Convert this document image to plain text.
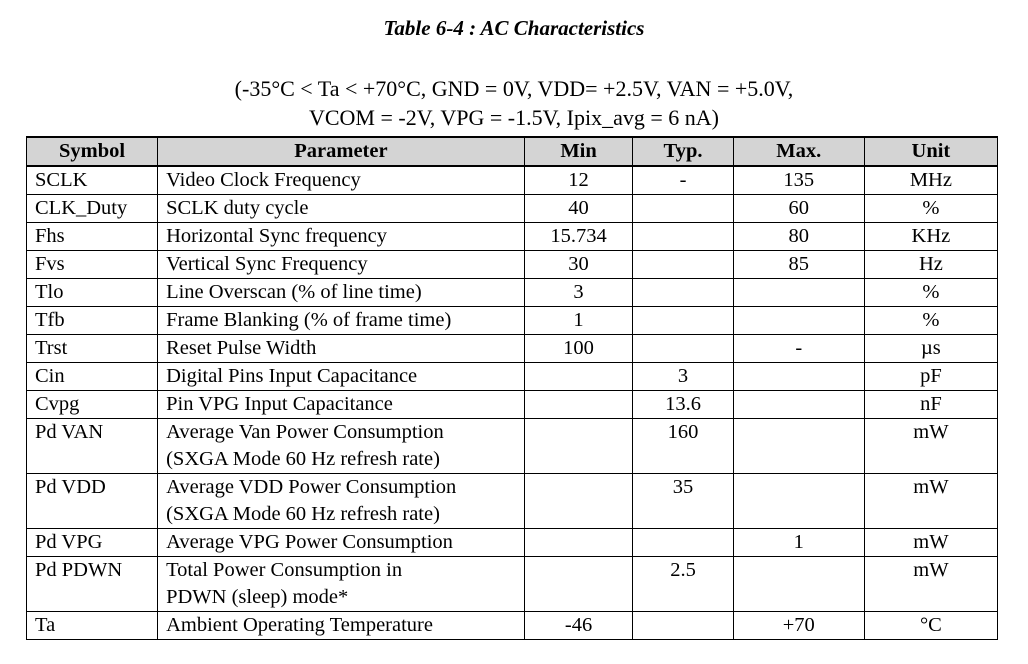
Table 6-4 : AC Characteristics
(-35°C < Ta < +70°C, GND = 0V, VDD= +2.5V, VAN = +5.0V,
VCOM = -2V, VPG = -1.5V, Ipix_avg = 6 nA)
Symbol	Parameter	Min	Typ.	Max.	Unit
SCLK	Video Clock Frequency	12	-	135	MHz
CLK_Duty	SCLK duty cycle	40		60	%
Fhs	Horizontal Sync frequency	15.734		80	KHz
Fvs	Vertical Sync Frequency	30		85	Hz
Tlo	Line Overscan (% of line time)	3			%
Tfb	Frame Blanking (% of frame time)	1			%
Trst	Reset Pulse Width	100		-	µs
Cin	Digital Pins Input Capacitance		3		pF
Cvpg	Pin VPG Input Capacitance		13.6		nF
Pd VAN	Average Van Power Consumption
(SXGA Mode 60 Hz refresh rate)		160		mW
Pd VDD	Average VDD Power Consumption
(SXGA Mode 60 Hz refresh rate)		35		mW
Pd VPG	Average VPG Power Consumption			1	mW
Pd PDWN	Total Power Consumption in
PDWN (sleep) mode*		2.5		mW
Ta	Ambient Operating Temperature	-46		+70	°C
